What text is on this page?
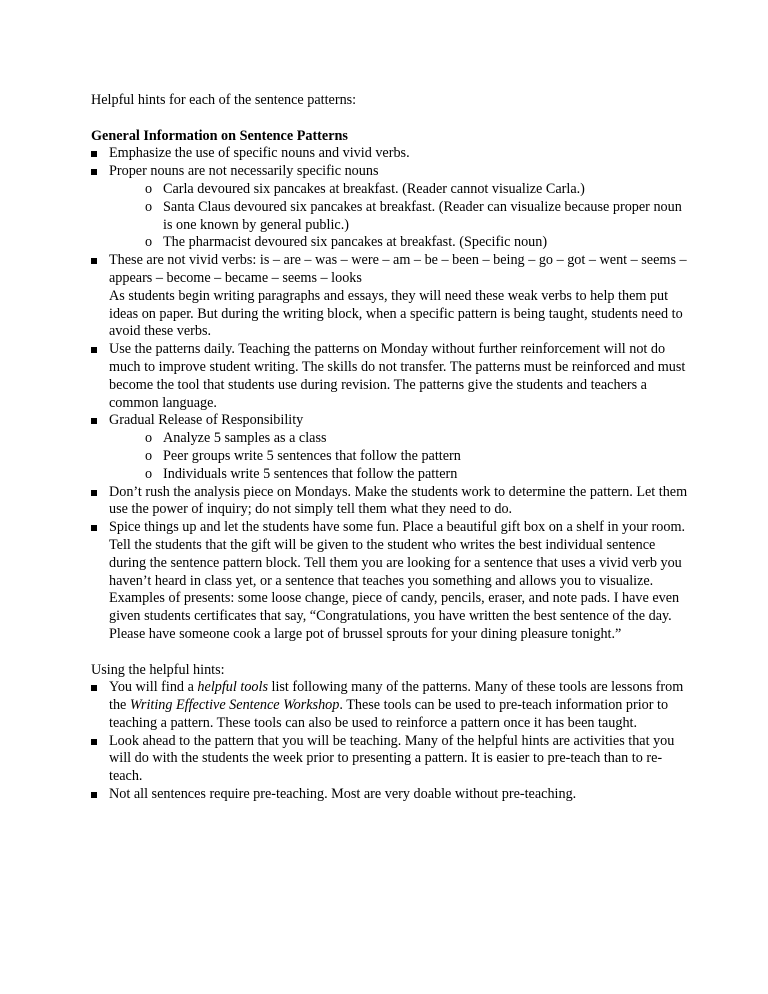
Helpful hints for each of the sentence patterns:

General Information on Sentence Patterns

Emphasize the use of specific nouns and vivid verbs.
Proper nouns are not necessarily specific nouns
o Carla devoured six pancakes at breakfast. (Reader cannot visualize Carla.)
o Santa Claus devoured six pancakes at breakfast. (Reader can visualize because proper noun is one known by general public.)
o The pharmacist devoured six pancakes at breakfast. (Specific noun)
These are not vivid verbs: is – are – was – were – am – be – been – being – go – got – went – seems – appears – become – became – seems – looks
As students begin writing paragraphs and essays, they will need these weak verbs to help them put ideas on paper. But during the writing block, when a specific pattern is being taught, students need to avoid these verbs.
Use the patterns daily. Teaching the patterns on Monday without further reinforcement will not do much to improve student writing. The skills do not transfer. The patterns must be reinforced and must become the tool that students use during revision. The patterns give the students and teachers a common language.
Gradual Release of Responsibility
o Analyze 5 samples as a class
o Peer groups write 5 sentences that follow the pattern
o Individuals write 5 sentences that follow the pattern
Don’t rush the analysis piece on Mondays. Make the students work to determine the pattern. Let them use the power of inquiry; do not simply tell them what they need to do.
Spice things up and let the students have some fun. Place a beautiful gift box on a shelf in your room. Tell the students that the gift will be given to the student who writes the best individual sentence during the sentence pattern block. Tell them you are looking for a sentence that uses a vivid verb you haven’t heard in class yet, or a sentence that teaches you something and allows you to visualize. Examples of presents: some loose change, piece of candy, pencils, eraser, and note pads. I have even given students certificates that say, “Congratulations, you have written the best sentence of the day. Please have someone cook a large pot of brussel sprouts for your dining pleasure tonight.”

Using the helpful hints:

You will find a helpful tools list following many of the patterns. Many of these tools are lessons from the Writing Effective Sentence Workshop. These tools can be used to pre-teach information prior to teaching a pattern. These tools can also be used to reinforce a pattern once it has been taught.
Look ahead to the pattern that you will be teaching. Many of the helpful hints are activities that you will do with the students the week prior to presenting a pattern. It is easier to pre-teach than to re-teach.
Not all sentences require pre-teaching. Most are very doable without pre-teaching.
